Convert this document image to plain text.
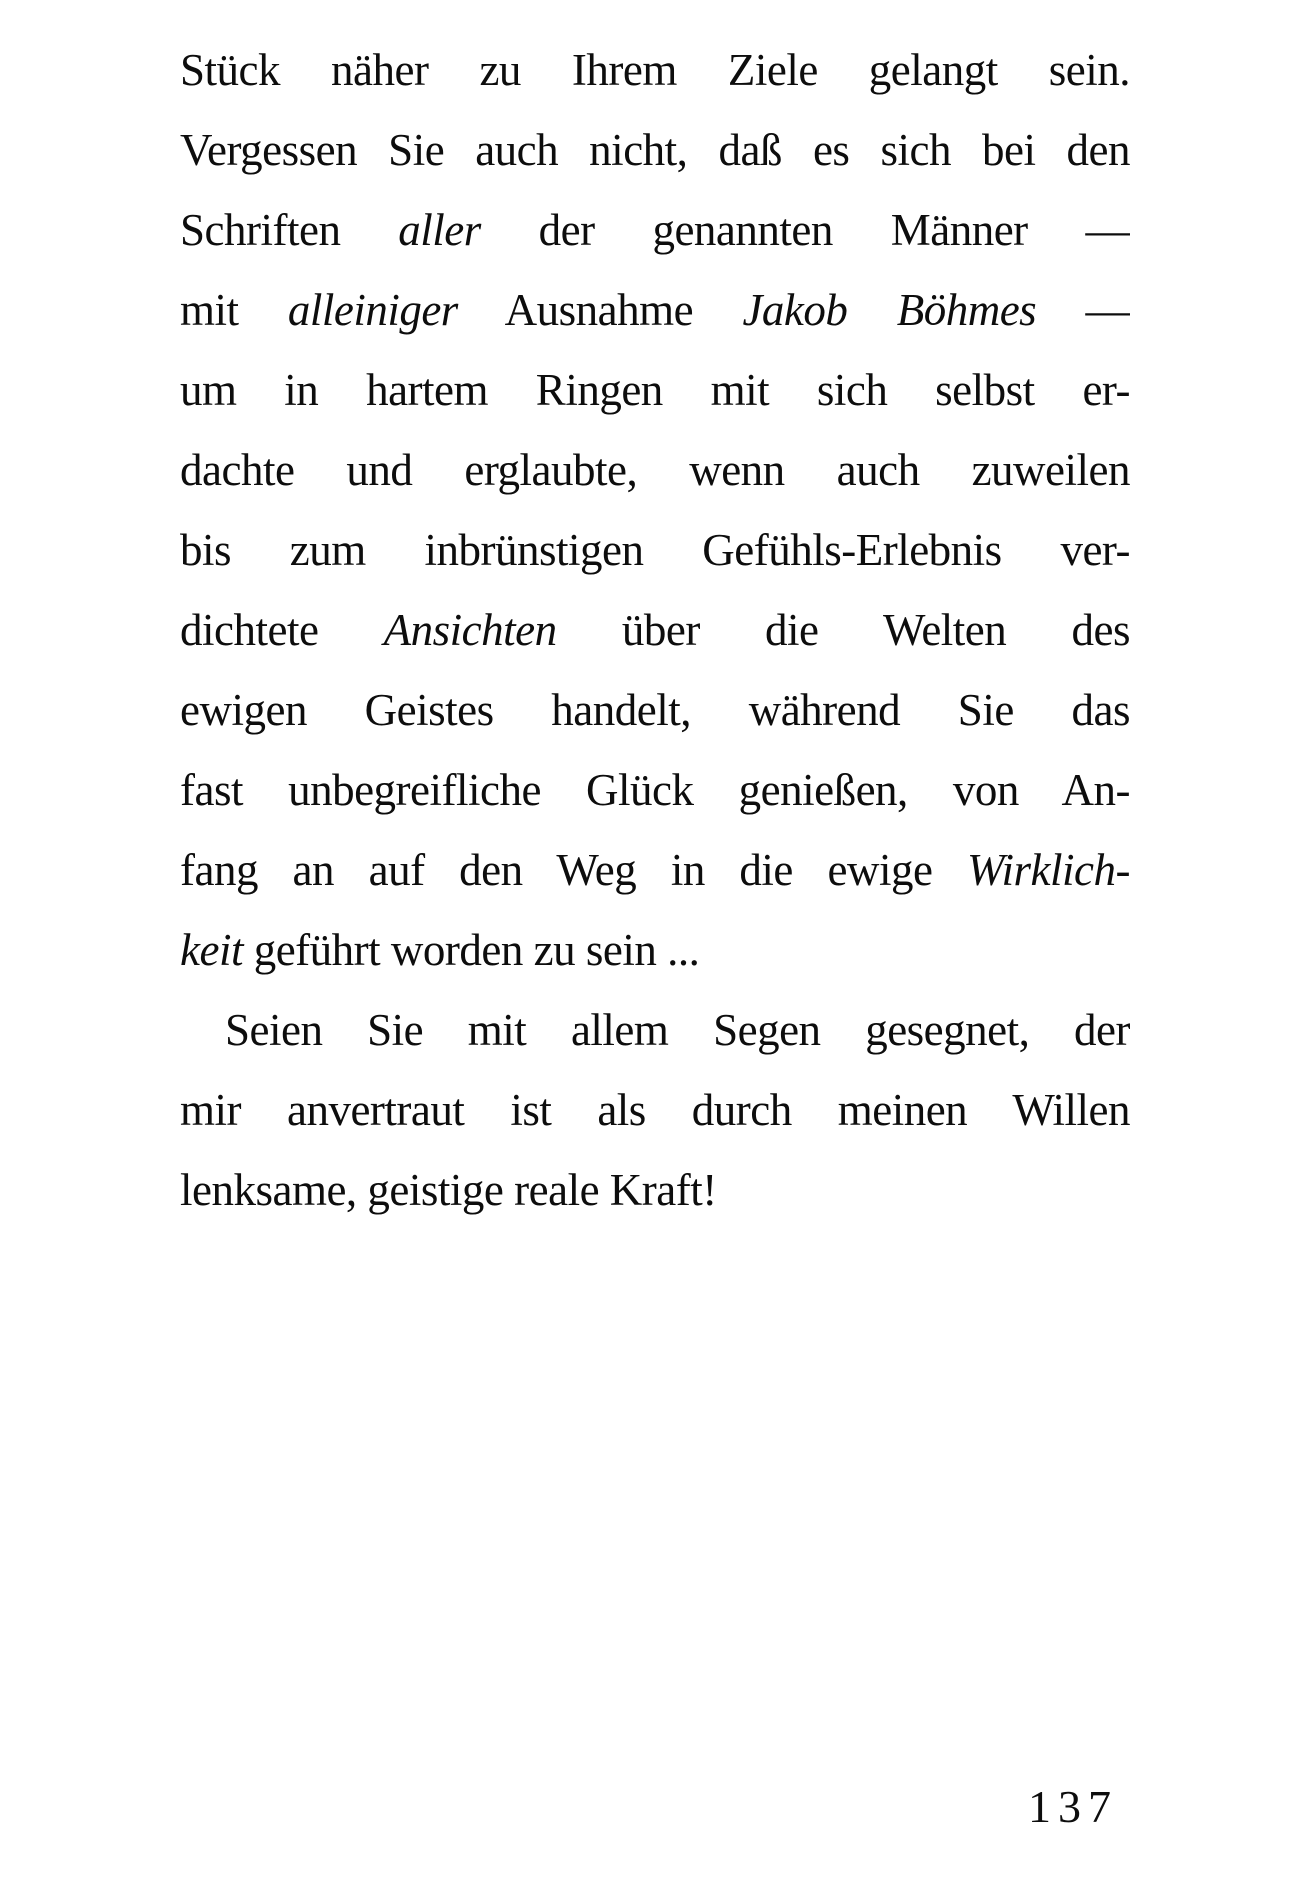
Stück näher zu Ihrem Ziele gelangt sein.
Vergessen Sie auch nicht, daß es sich bei den
Schriften aller der genannten Männer —
mit alleiniger Ausnahme Jakob Böhmes —
um in hartem Ringen mit sich selbst er-
dachte und erglaubte, wenn auch zuweilen
bis zum inbrünstigen Gefühls-Erlebnis ver-
dichtete Ansichten über die Welten des
ewigen Geistes handelt, während Sie das
fast unbegreifliche Glück genießen, von An-
fang an auf den Weg in die ewige Wirklich-
keit geführt worden zu sein ...
Seien Sie mit allem Segen gesegnet, der
mir anvertraut ist als durch meinen Willen
lenksame, geistige reale Kraft!
137
